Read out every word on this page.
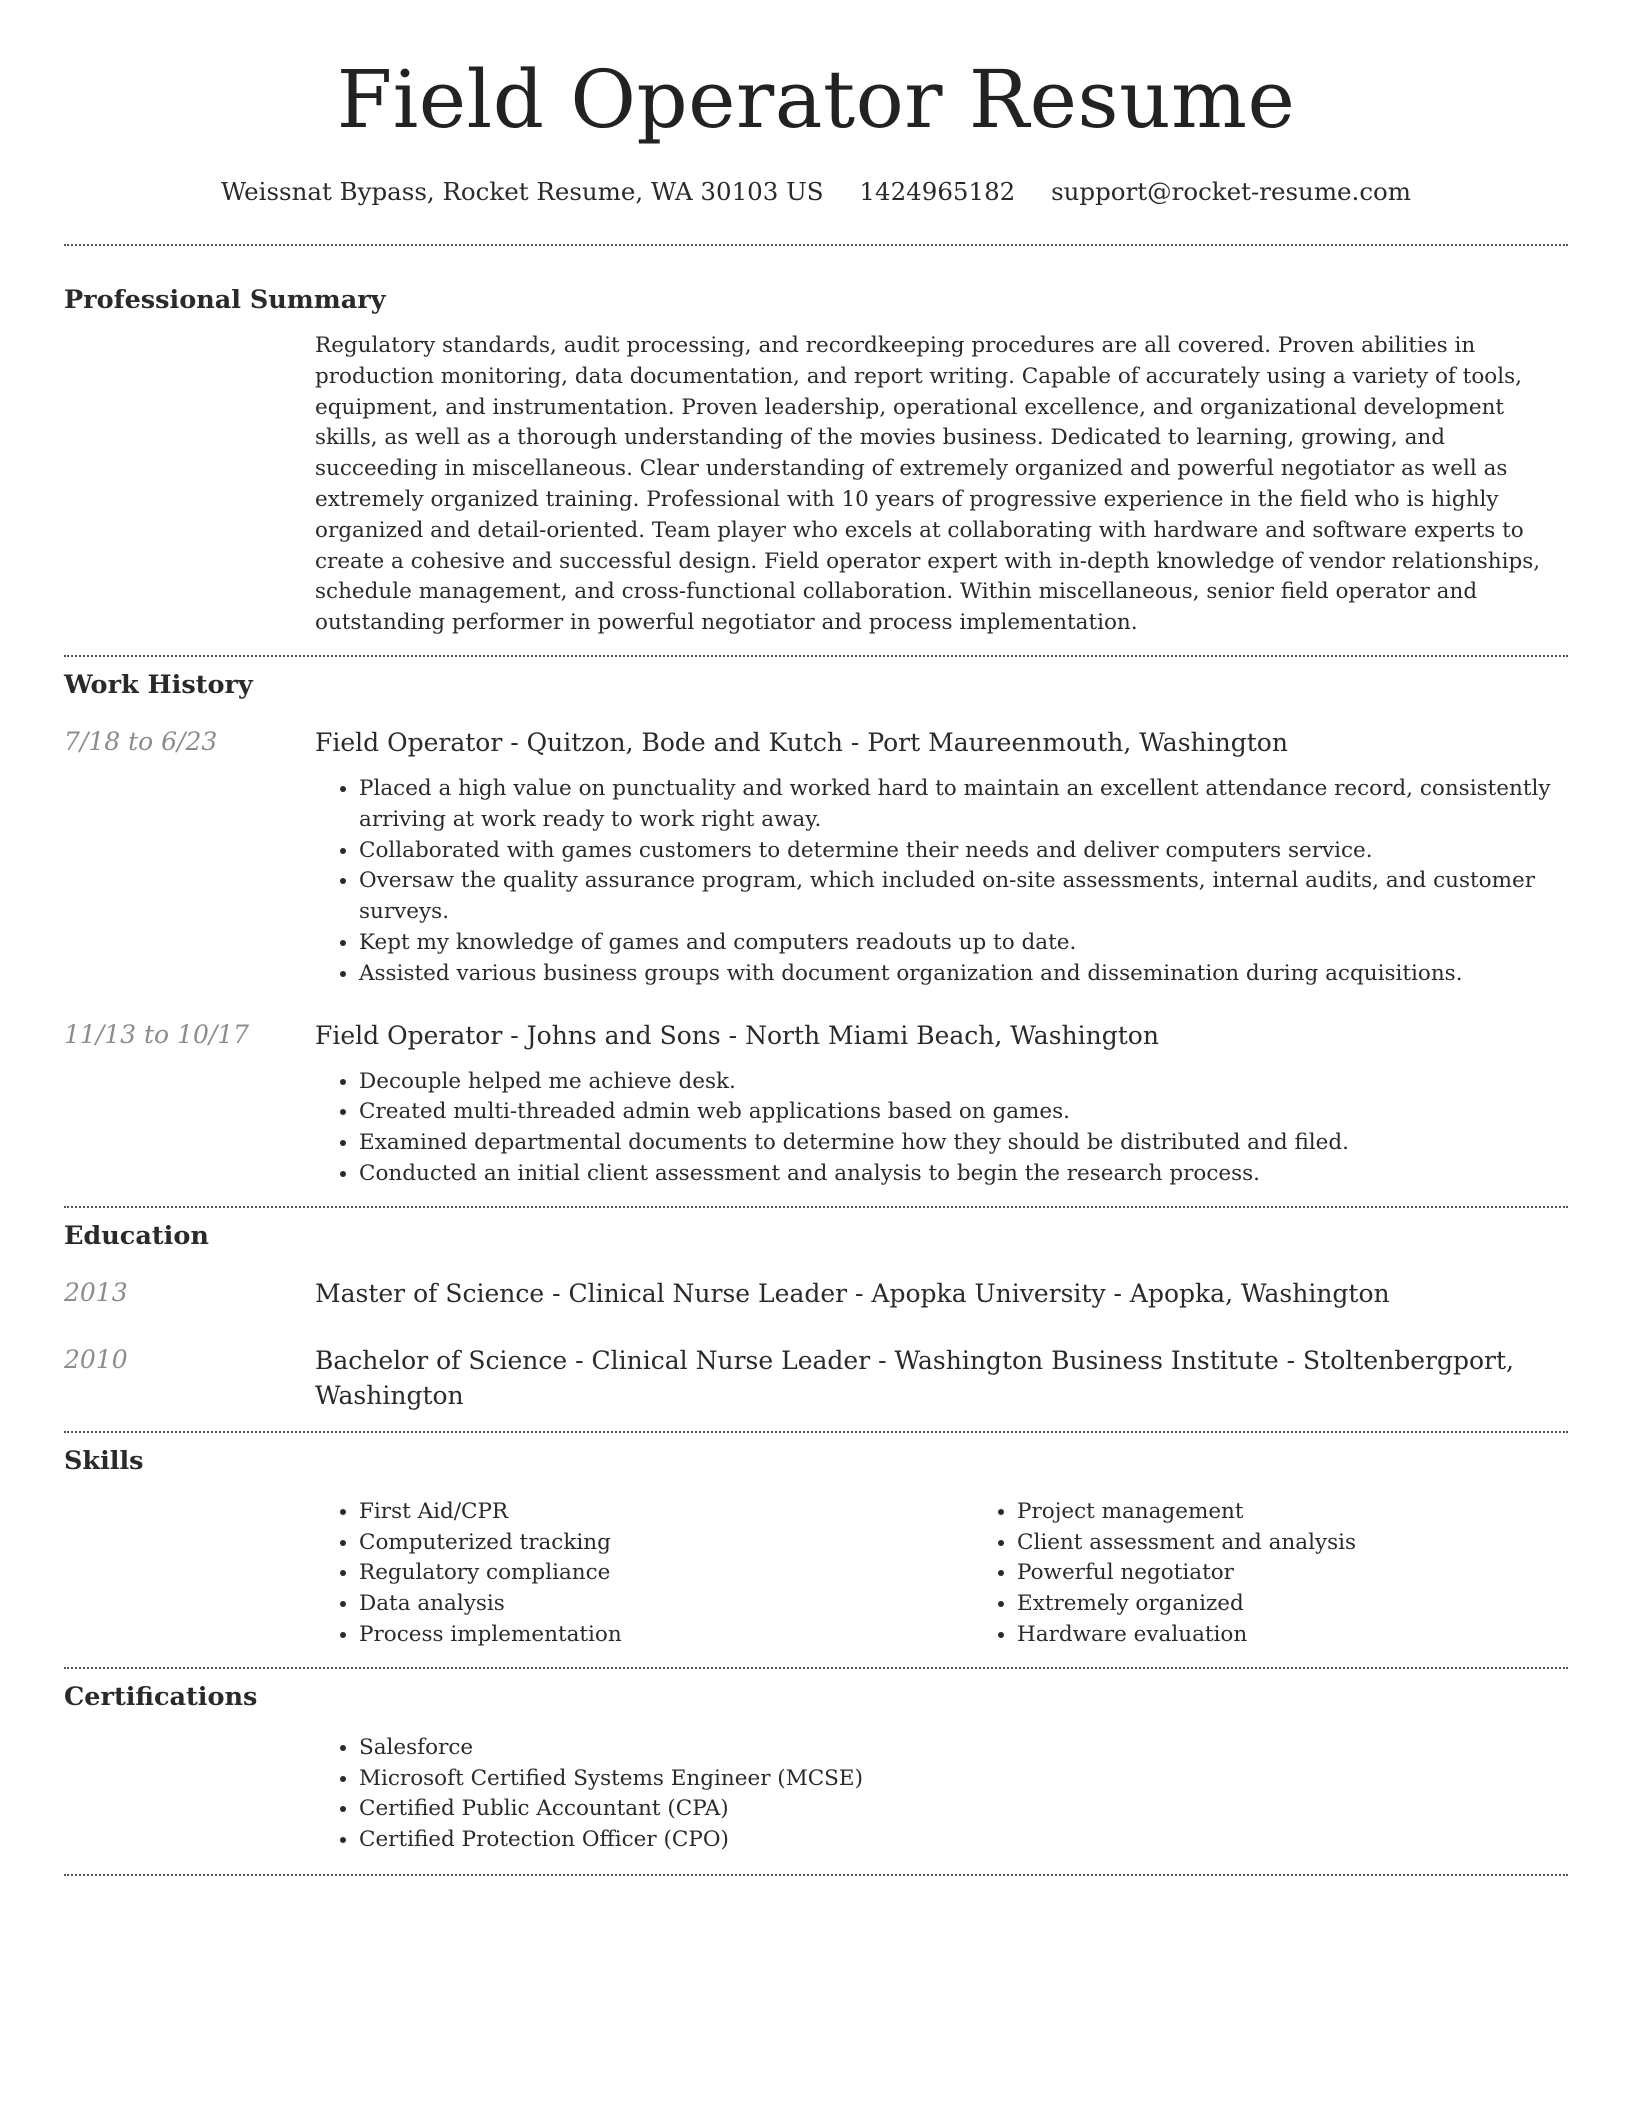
Field Operator Resume
Weissnat Bypass, Rocket Resume, WA 30103 US 1424965182 support@rocket-resume.com
Professional Summary

Regulatory standards, audit processing, and recordkeeping procedures are all covered. Proven abilities in production monitoring, data documentation, and report writing. Capable of accurately using a variety of tools, equipment, and instrumentation. Proven leadership, operational excellence, and organizational development skills, as well as a thorough understanding of the movies business. Dedicated to learning, growing, and succeeding in miscellaneous. Clear understanding of extremely organized and powerful negotiator as well as extremely organized training. Professional with 10 years of progressive experience in the field who is highly organized and detail-oriented. Team player who excels at collaborating with hardware and software experts to create a cohesive and successful design. Field operator expert with in-depth knowledge of vendor relationships, schedule management, and cross-functional collaboration. Within miscellaneous, senior field operator and outstanding performer in powerful negotiator and process implementation.

Work History
7/18 to 6/23	Field Operator - Quitzon, Bode and Kutch - Port Maureenmouth, Washington

• Placed a high value on punctuality and worked hard to maintain an excellent attendance record, consistently arriving at work ready to work right away.
• Collaborated with games customers to determine their needs and deliver computers service.
• Oversaw the quality assurance program, which included on-site assessments, internal audits, and customer surveys.
• Kept my knowledge of games and computers readouts up to date.
• Assisted various business groups with document organization and dissemination during acquisitions.
11/13 to 10/17	Field Operator - Johns and Sons - North Miami Beach, Washington

• Decouple helped me achieve desk.
• Created multi-threaded admin web applications based on games.
• Examined departmental documents to determine how they should be distributed and filed.
• Conducted an initial client assessment and analysis to begin the research process.
Education
2013	Master of Science - Clinical Nurse Leader - Apopka University - Apopka, Washington

2010	Bachelor of Science - Clinical Nurse Leader - Washington Business Institute - Stoltenbergport, Washington

Skills
• First Aid/CPR
• Computerized tracking
• Regulatory compliance
• Data analysis
• Process implementation
• Project management
• Client assessment and analysis
• Powerful negotiator
• Extremely organized
• Hardware evaluation
Certifications
• Salesforce
• Microsoft Certified Systems Engineer (MCSE)
• Certified Public Accountant (CPA)
• Certified Protection Officer (CPO)
